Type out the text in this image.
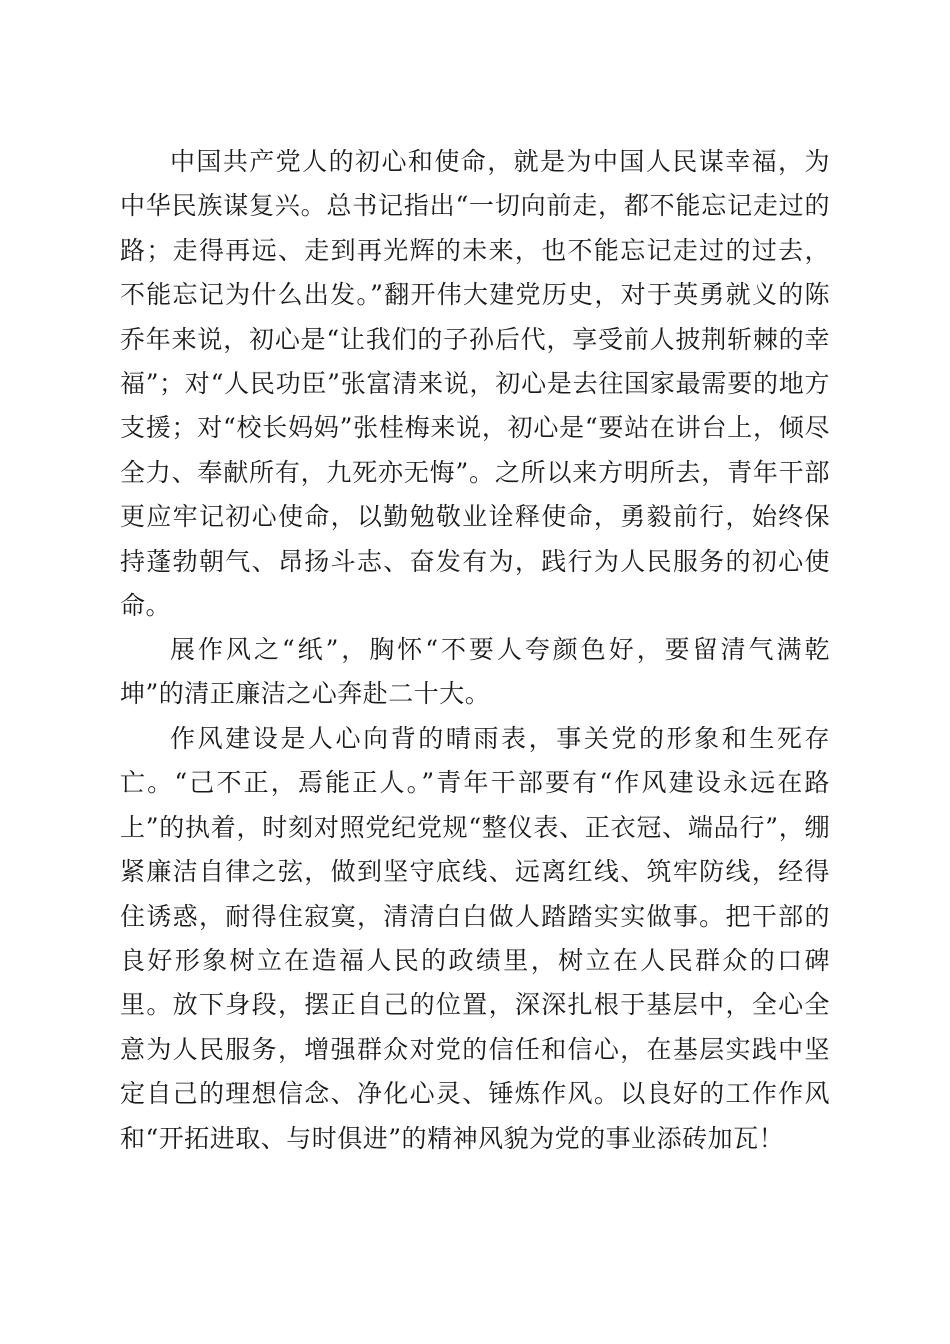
中国共产党人的初心和使命，就是为中国人民谋幸福，为中华民族谋复兴。总书记指出“一切向前走，都不能忘记走过的路；走得再远、走到再光辉的未来，也不能忘记走过的过去，不能忘记为什么出发。”翻开伟大建党历史，对于英勇就义的陈乔年来说，初心是“让我们的子孙后代，享受前人披荆斩棘的幸福”；对“人民功臣”张富清来说，初心是去往国家最需要的地方支援；对“校长妈妈”张桂梅来说，初心是“要站在讲台上，倾尽全力、奉献所有，九死亦无悔”。之所以来方明所去，青年干部更应牢记初心使命，以勤勉敬业诠释使命，勇毅前行，始终保持蓬勃朝气、昂扬斗志、奋发有为，践行为人民服务的初心使命。

展作风之“纸”，胸怀“不要人夸颜色好，要留清气满乾坤”的清正廉洁之心奔赴二十大。

作风建设是人心向背的晴雨表，事关党的形象和生死存亡。“己不正，焉能正人。”青年干部要有“作风建设永远在路上”的执着，时刻对照党纪党规“整仪表、正衣冠、端品行”，绷紧廉洁自律之弦，做到坚守底线、远离红线、筑牢防线，经得住诱惑，耐得住寂寞，清清白白做人踏踏实实做事。把干部的良好形象树立在造福人民的政绩里，树立在人民群众的口碑里。放下身段，摆正自己的位置，深深扎根于基层中，全心全意为人民服务，增强群众对党的信任和信心，在基层实践中坚定自己的理想信念、净化心灵、锤炼作风。以良好的工作作风和“开拓进取、与时俱进”的精神风貌为党的事业添砖加瓦！
